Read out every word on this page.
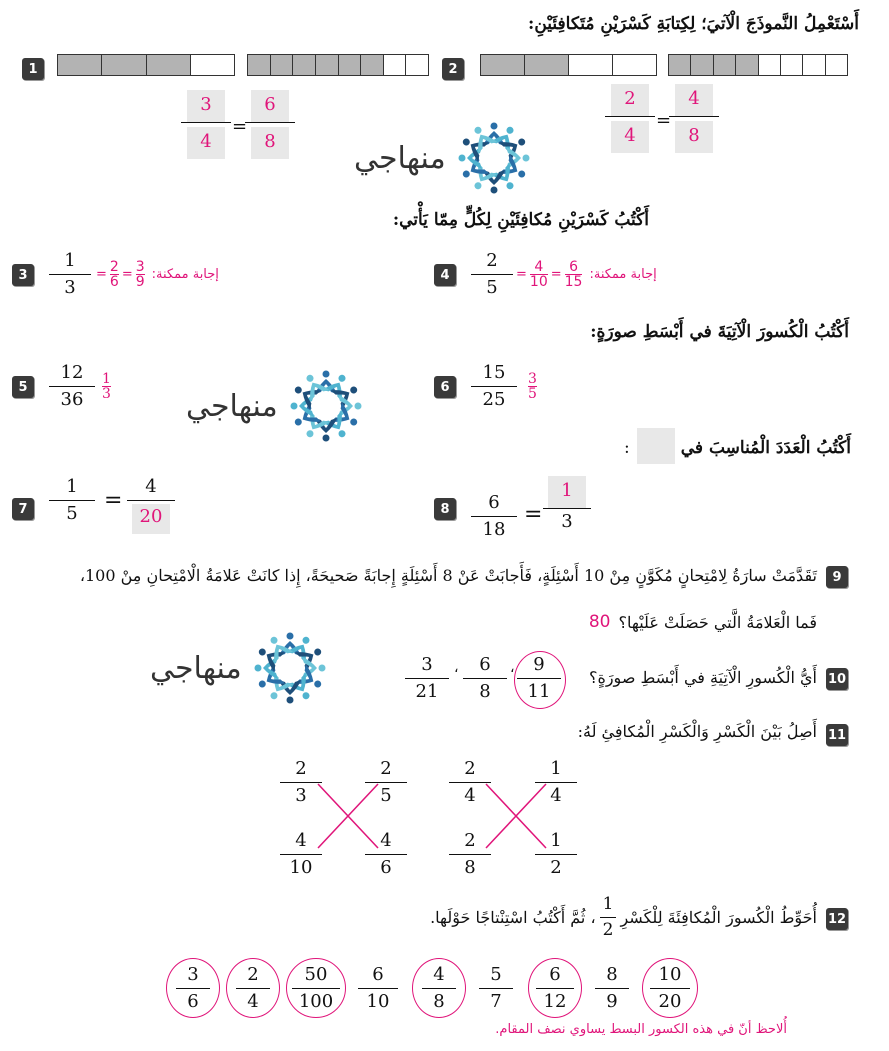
أَسْتَعْمِلُ النَّموذَجَ الْآتيَ؛ لِكِتابَةِ كَسْرَيْنِ مُتَكافِئَيْنِ:
1
$\frac{3}{4} = \frac{6}{8}$
2
$\frac{2}{4} = \frac{4}{8}$
منهاجي
أَكْتُبُ كَسْرَيْنِ مُكافِئَيْنِ لِكُلٍّ مِمّا يَأْتي:
3	$\frac{1}{3} = \frac{2}{6} = \frac{3}{9}$ إجابة ممكنة:	4	$\frac{2}{5} = \frac{4}{10} = \frac{6}{15}$ إجابة ممكنة:
أَكْتُبُ الْكُسورَ الْآتِيَةَ في أَبْسَطِ صورَةٍ:
5	$\frac{12}{36} \frac{1}{3}$
منهاجي
6	$\frac{15}{25} \frac{3}{5}$
أَكْتُبُ الْعَدَدَ الْمُناسِبَ في
:
7	$\frac{1}{5} = \frac{4}{20}$	8	$\frac{6}{18} = \frac{1}{3}$
9
تَقَدَّمَتْ سارَةُ لِامْتِحانٍ مُكَوَّنٍ مِنْ 10 أَسْئِلَةٍ، فَأَجابَتْ عَنْ 8 أَسْئِلَةٍ إِجابَةً صَحيحَةً، إِذا كانَتْ عَلامَةُ الْامْتِحانِ مِنْ 100،
فَما الْعَلامَةُ الَّتي حَصَلَتْ عَلَيْها؟
80
منهاجي	10
أَيُّ الْكُسورِ الْآتِيَةِ في أَبْسَطِ صورَةٍ؟
$\frac{9}{11}$
،
$\frac{6}{8}$
،
$\frac{3}{21}$
11
أَصِلُ بَيْنَ الْكَسْرِ وَالْكَسْرِ الْمُكافِئِ لَهُ:
$\frac{2}{3}$	$\frac{2}{5}$
$\frac{4}{10}$	$\frac{4}{6}$
$\frac{2}{4}$	$\frac{1}{4}$
$\frac{2}{8}$	$\frac{1}{2}$
12
أُحَوِّطُ الْكُسورَ الْمُكافِئَةَ لِلْكَسْرِ
$\frac{1}{2}$
، ثُمَّ أَكْتُبُ اسْتِنْتاجًا حَوْلَها.
$\frac{3}{6} \frac{2}{4} \frac{50}{100} \frac{6}{10} \frac{4}{8} \frac{5}{7} \frac{6}{12} \frac{8}{9} \frac{10}{20}$
أُلاحظ أنّ في هذه الكسور البسط يساوي نصف المقام.
